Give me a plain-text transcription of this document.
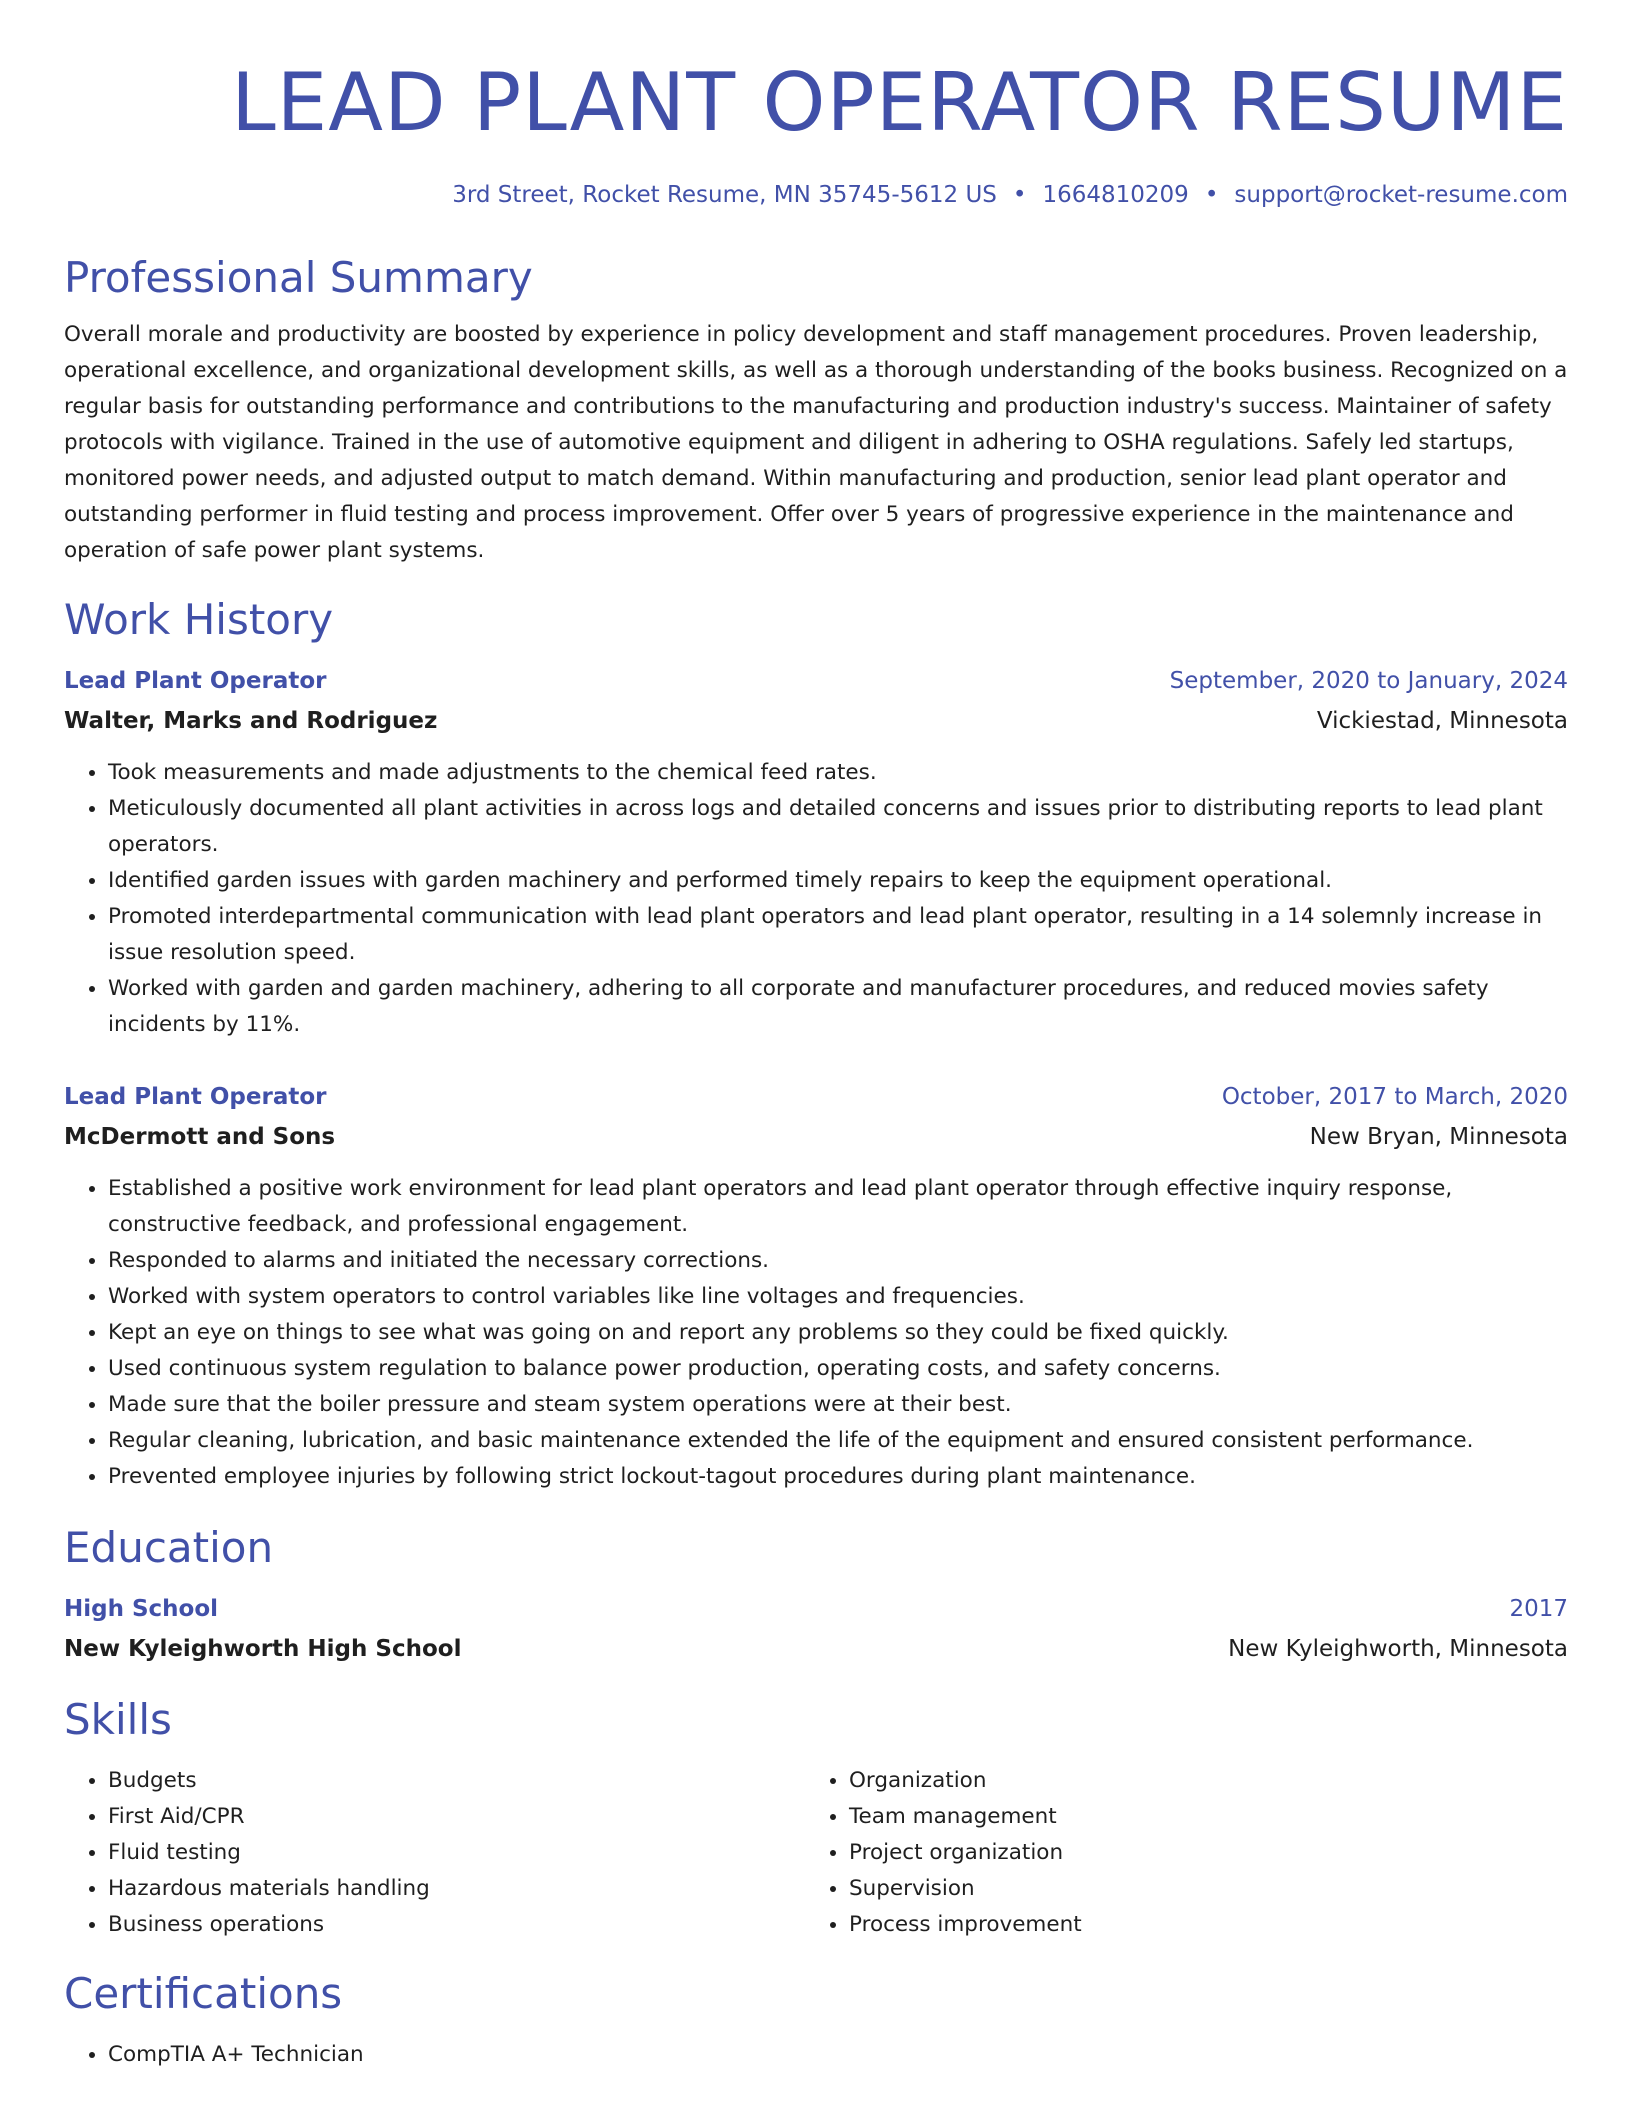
LEAD PLANT OPERATOR RESUME
3rd Street, Rocket Resume, MN 35745-5612 US • 1664810209 • support@rocket-resume.com
Professional Summary

Overall morale and productivity are boosted by experience in policy development and staff management procedures. Proven leadership, operational excellence, and organizational development skills, as well as a thorough understanding of the books business. Recognized on a regular basis for outstanding performance and contributions to the manufacturing and production industry's success. Maintainer of safety protocols with vigilance. Trained in the use of automotive equipment and diligent in adhering to OSHA regulations. Safely led startups, monitored power needs, and adjusted output to match demand. Within manufacturing and production, senior lead plant operator and outstanding performer in fluid testing and process improvement. Offer over 5 years of progressive experience in the maintenance and operation of safe power plant systems.

Work History
Lead Plant Operator	September, 2020 to January, 2024
Walter, Marks and Rodriguez	Vickiestad, Minnesota
• Took measurements and made adjustments to the chemical feed rates.
• Meticulously documented all plant activities in across logs and detailed concerns and issues prior to distributing reports to lead plant operators.
• Identified garden issues with garden machinery and performed timely repairs to keep the equipment operational.
• Promoted interdepartmental communication with lead plant operators and lead plant operator, resulting in a 14 solemnly increase in issue resolution speed.
• Worked with garden and garden machinery, adhering to all corporate and manufacturer procedures, and reduced movies safety incidents by 11%.
Lead Plant Operator	October, 2017 to March, 2020
McDermott and Sons	New Bryan, Minnesota
• Established a positive work environment for lead plant operators and lead plant operator through effective inquiry response, constructive feedback, and professional engagement.
• Responded to alarms and initiated the necessary corrections.
• Worked with system operators to control variables like line voltages and frequencies.
• Kept an eye on things to see what was going on and report any problems so they could be fixed quickly.
• Used continuous system regulation to balance power production, operating costs, and safety concerns.
• Made sure that the boiler pressure and steam system operations were at their best.
• Regular cleaning, lubrication, and basic maintenance extended the life of the equipment and ensured consistent performance.
• Prevented employee injuries by following strict lockout-tagout procedures during plant maintenance.
Education
High School	2017
New Kyleighworth High School	New Kyleighworth, Minnesota
Skills
• Budgets
• First Aid/CPR
• Fluid testing
• Hazardous materials handling
• Business operations
• Organization
• Team management
• Project organization
• Supervision
• Process improvement
Certifications
• CompTIA A+ Technician
